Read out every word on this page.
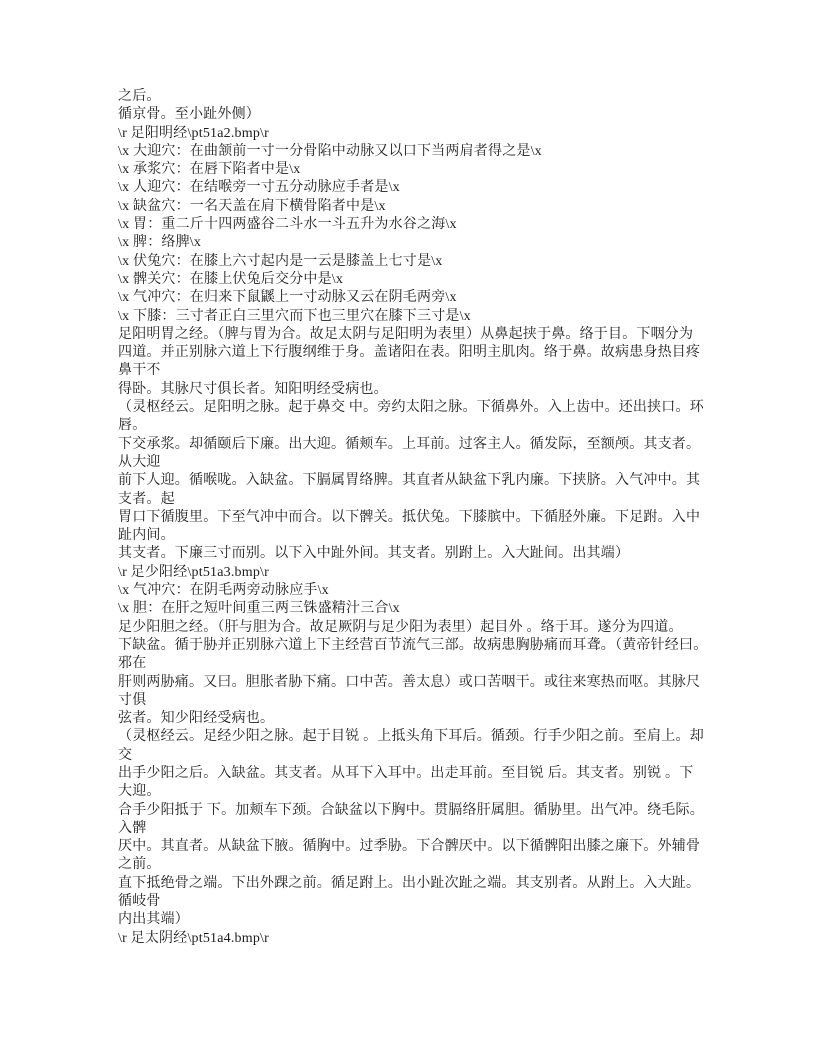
之后。
循京骨。至小趾外侧）
\r 足阳明经\pt51a2.bmp\r
\x 大迎穴：在曲颔前一寸一分骨陷中动脉又以口下当两肩者得之是\x
\x 承浆穴：在唇下陷者中是\x
\x 人迎穴：在结喉旁一寸五分动脉应手者是\x
\x 缺盆穴：一名天盖在肩下横骨陷者中是\x
\x 胃：重二斤十四两盛谷二斗水一斗五升为水谷之海\x
\x 脾：络脾\x
\x 伏兔穴：在膝上六寸起内是一云是膝盖上七寸是\x
\x 髀关穴：在膝上伏兔后交分中是\x
\x 气冲穴：在归来下鼠鼷上一寸动脉又云在阴毛两旁\x
\x 下膝：三寸者正白三里穴而下也三里穴在膝下三寸是\x
足阳明胃之经。（脾与胃为合。故足太阴与足阳明为表里）从鼻起挟于鼻。络于目。下咽分为
四道。并正别脉六道上下行腹纲维于身。盖诸阳在表。阳明主肌肉。络于鼻。故病患身热目疼
鼻干不
得卧。其脉尺寸俱长者。知阳明经受病也。
（灵枢经云。足阳明之脉。起于鼻交 中。旁约太阳之脉。下循鼻外。入上齿中。还出挟口。环
唇。
下交承浆。却循颐后下廉。出大迎。循颊车。上耳前。过客主人。循发际，至额颅。其支者。
从大迎
前下人迎。循喉咙。入缺盆。下膈属胃络脾。其直者从缺盆下乳内廉。下挟脐。入气冲中。其
支者。起
胃口下循腹里。下至气冲中而合。以下髀关。抵伏兔。下膝膑中。下循胫外廉。下足跗。入中
趾内间。
其支者。下廉三寸而别。以下入中趾外间。其支者。别跗上。入大趾间。出其端）
\r 足少阳经\pt51a3.bmp\r
\x 气冲穴：在阴毛两旁动脉应手\x
\x 胆：在肝之短叶间重三两三铢盛精汁三合\x
足少阳胆之经。（肝与胆为合。故足厥阴与足少阳为表里）起目外 。络于耳。遂分为四道。
下缺盆。循于胁并正别脉六道上下主经营百节流气三部。故病患胸胁痛而耳聋。（黄帝针经曰。
邪在
肝则两胁痛。又曰。胆胀者胁下痛。口中苦。善太息）或口苦咽干。或往来寒热而呕。其脉尺
寸俱
弦者。知少阳经受病也。
（灵枢经云。足经少阳之脉。起于目锐 。上抵头角下耳后。循颈。行手少阳之前。至肩上。却
交
出手少阳之后。入缺盆。其支者。从耳下入耳中。出走耳前。至目锐 后。其支者。别锐 。下
大迎。
合手少阳抵于 下。加颊车下颈。合缺盆以下胸中。贯膈络肝属胆。循胁里。出气冲。绕毛际。
入髀
厌中。其直者。从缺盆下腋。循胸中。过季胁。下合髀厌中。以下循髀阳出膝之廉下。外辅骨
之前。
直下抵绝骨之端。下出外踝之前。循足跗上。出小趾次趾之端。其支别者。从跗上。入大趾。
循岐骨
内出其端）
\r 足太阴经\pt51a4.bmp\r
